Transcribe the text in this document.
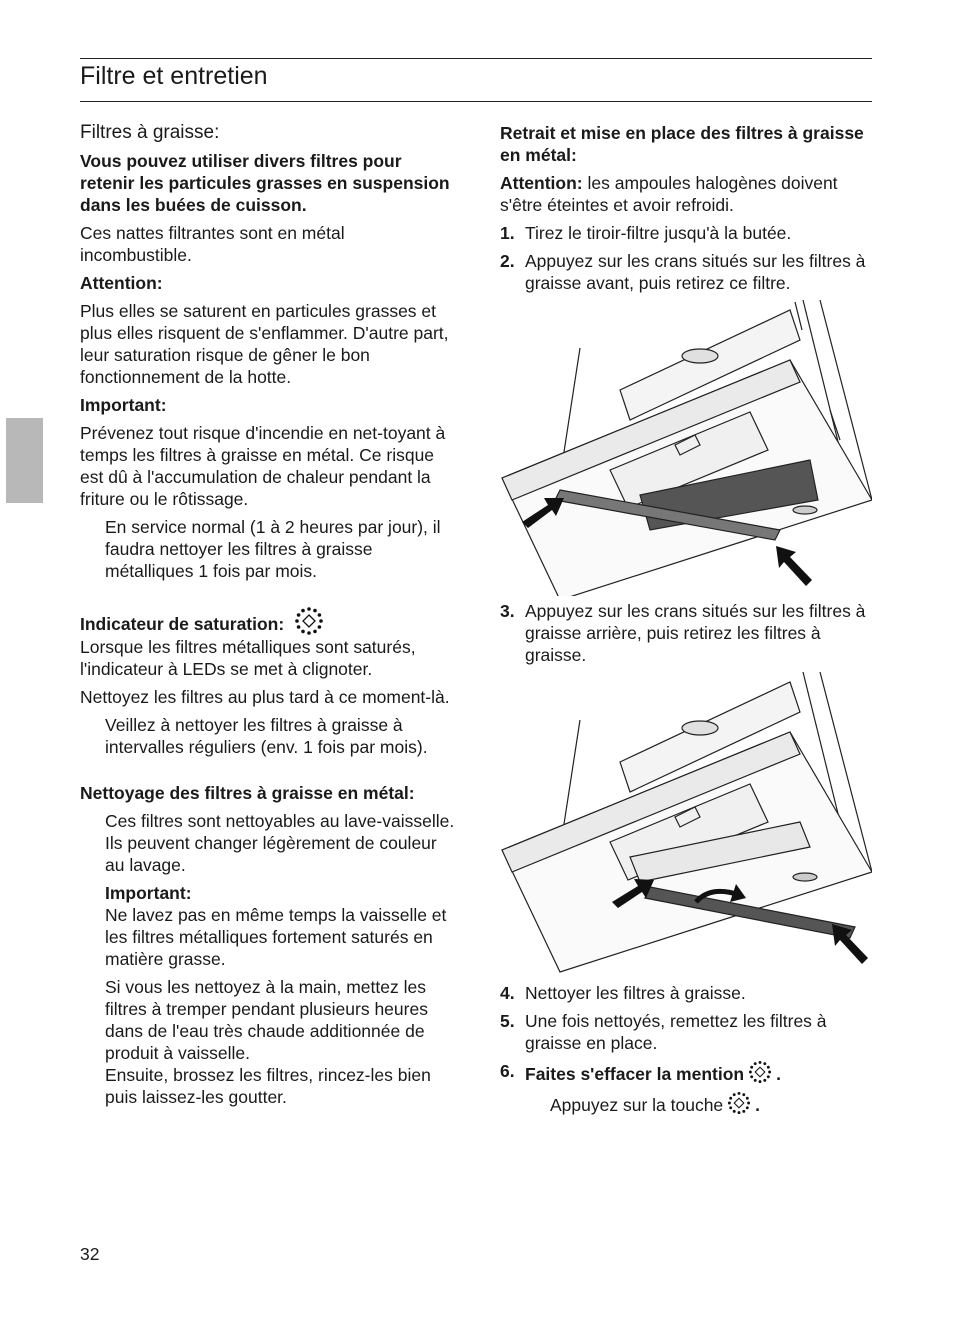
Filtre et entretien

Filtres à graisse:

Vous pouvez utiliser divers filtres pour retenir les particules grasses en suspension dans les buées de cuisson.

Ces nattes filtrantes sont en métal incombustible.

Attention:

Plus elles se saturent en particules grasses et plus elles risquent de s'enflammer. D'autre part, leur saturation risque de gêner le bon fonctionnement de la hotte.

Important:

Prévenez tout risque d'incendie en net-toyant à temps les filtres à graisse en métal. Ce risque est dû à l'accumulation de chaleur pendant la friture ou le rôtissage.

En service normal (1 à 2 heures par jour), il faudra nettoyer les filtres à graisse métalliques 1 fois par mois.

Indicateur de saturation:

Lorsque les filtres métalliques sont saturés, l'indicateur à LEDs se met à clignoter.

Nettoyez les filtres au plus tard à ce moment-là.

Veillez à nettoyer les filtres à graisse à intervalles réguliers (env. 1 fois par mois).

Nettoyage des filtres à graisse en métal:

Ces filtres sont nettoyables au lave-vaisselle. Ils peuvent changer légèrement de couleur au lavage.

Important:

Ne lavez pas en même temps la vaisselle et les filtres métalliques fortement saturés en matière grasse.

Si vous les nettoyez à la main, mettez les filtres à tremper pendant plusieurs heures dans de l'eau très chaude additionnée de produit à vaisselle.

Ensuite, brossez les filtres, rincez-les bien puis laissez-les goutter.

Retrait et mise en place des filtres à graisse en métal:

Attention: les ampoules halogènes doivent s'être éteintes et avoir refroidi.

1. Tirez le tiroir-filtre jusqu'à la butée.
2. Appuyez sur les crans situés sur les filtres à graisse avant, puis retirez ce filtre.
3. Appuyez sur les crans situés sur les filtres à graisse arrière, puis retirez les filtres à graisse.
4. Nettoyer les filtres à graisse.
5. Une fois nettoyés, remettez les filtres à graisse en place.
6. Faites s'effacer la mention .

Appuyez sur la touche .

32
